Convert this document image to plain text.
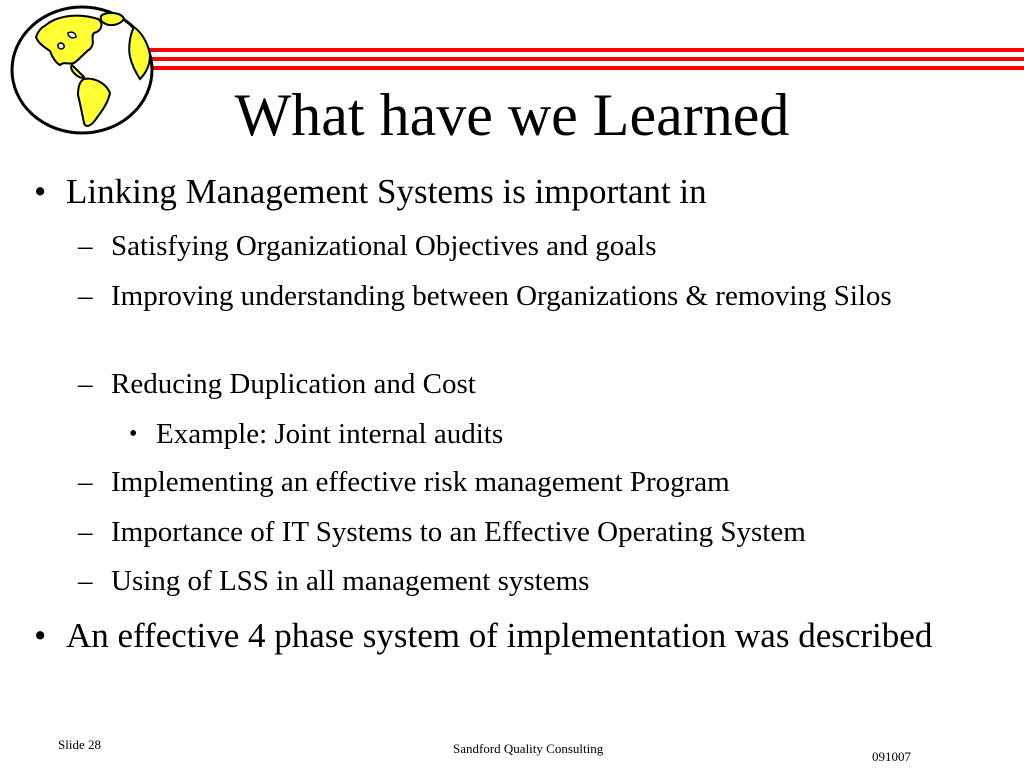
What have we Learned
• Linking Management Systems is important in
– Satisfying Organizational Objectives and goals
– Improving understanding between Organizations & removing Silos
– Reducing Duplication and Cost
• Example: Joint internal audits
– Implementing an effective risk management Program
– Importance of IT Systems to an Effective Operating System
– Using of LSS in all management systems
• An effective 4 phase system of implementation was described
Slide 28	Sandford Quality Consulting
091007
